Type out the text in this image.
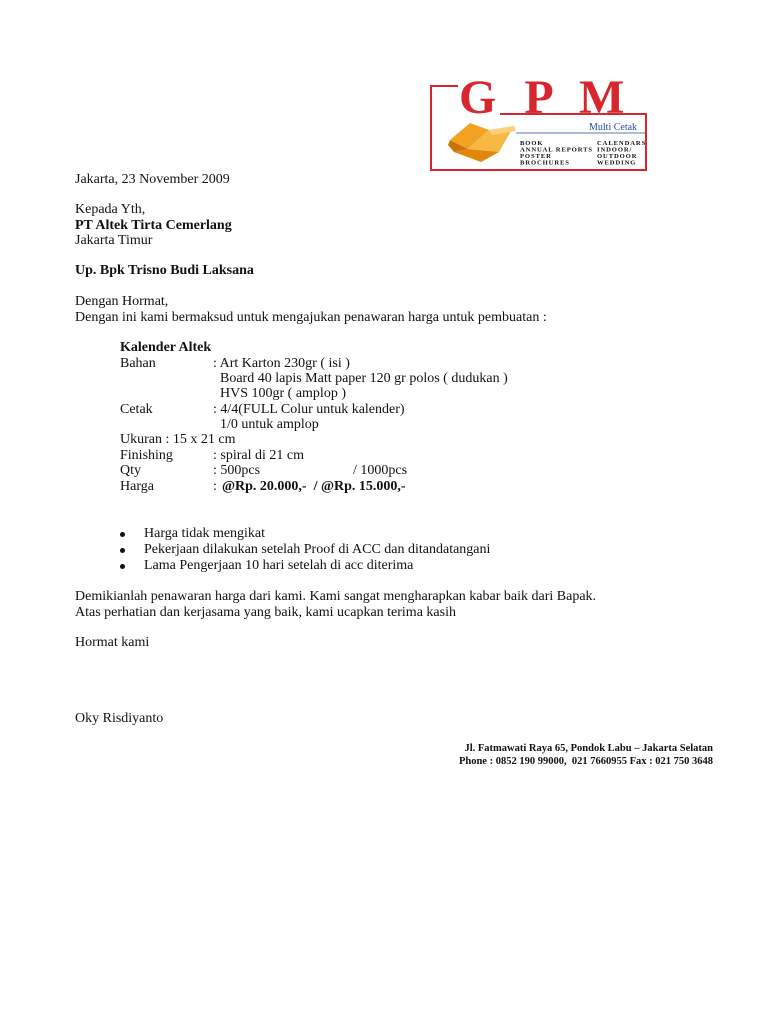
G P M
Multi Cetak
BOOK
ANNUAL REPORTS
POSTER
BROCHURES
CALENDARS
INDOOR/
OUTDOOR
WEDDING
Jakarta, 23 November 2009
Kepada Yth,
PT Altek Tirta Cemerlang
Jakarta Timur
Up. Bpk Trisno Budi Laksana
Dengan Hormat,
Dengan ini kami bermaksud untuk mengajukan penawaran harga untuk pembuatan :
Kalender Altek
Bahan	: Art Karton 230gr ( isi )
Board 40 lapis Matt paper 120 gr polos ( dudukan )
HVS 100gr ( amplop )
Cetak	: 4/4(FULL Colur untuk kalender)
1/0 untuk amplop
Ukuran : 15 x 21 cm
Finishing	: spiral di 21 cm
Qty	: 500pcs	/ 1000pcs
Harga	: @Rp. 20.000,-  / @Rp. 15.000,-
Harga tidak mengikat
Pekerjaan dilakukan setelah Proof di ACC dan ditandatangani
Lama Pengerjaan 10 hari setelah di acc diterima
Demikianlah penawaran harga dari kami. Kami sangat mengharapkan kabar baik dari Bapak.
Atas perhatian dan kerjasama yang baik, kami ucapkan terima kasih
Hormat kami
Oky Risdiyanto
Jl. Fatmawati Raya 65, Pondok Labu – Jakarta Selatan
Phone : 0852 190 99000,  021 7660955 Fax : 021 750 3648
